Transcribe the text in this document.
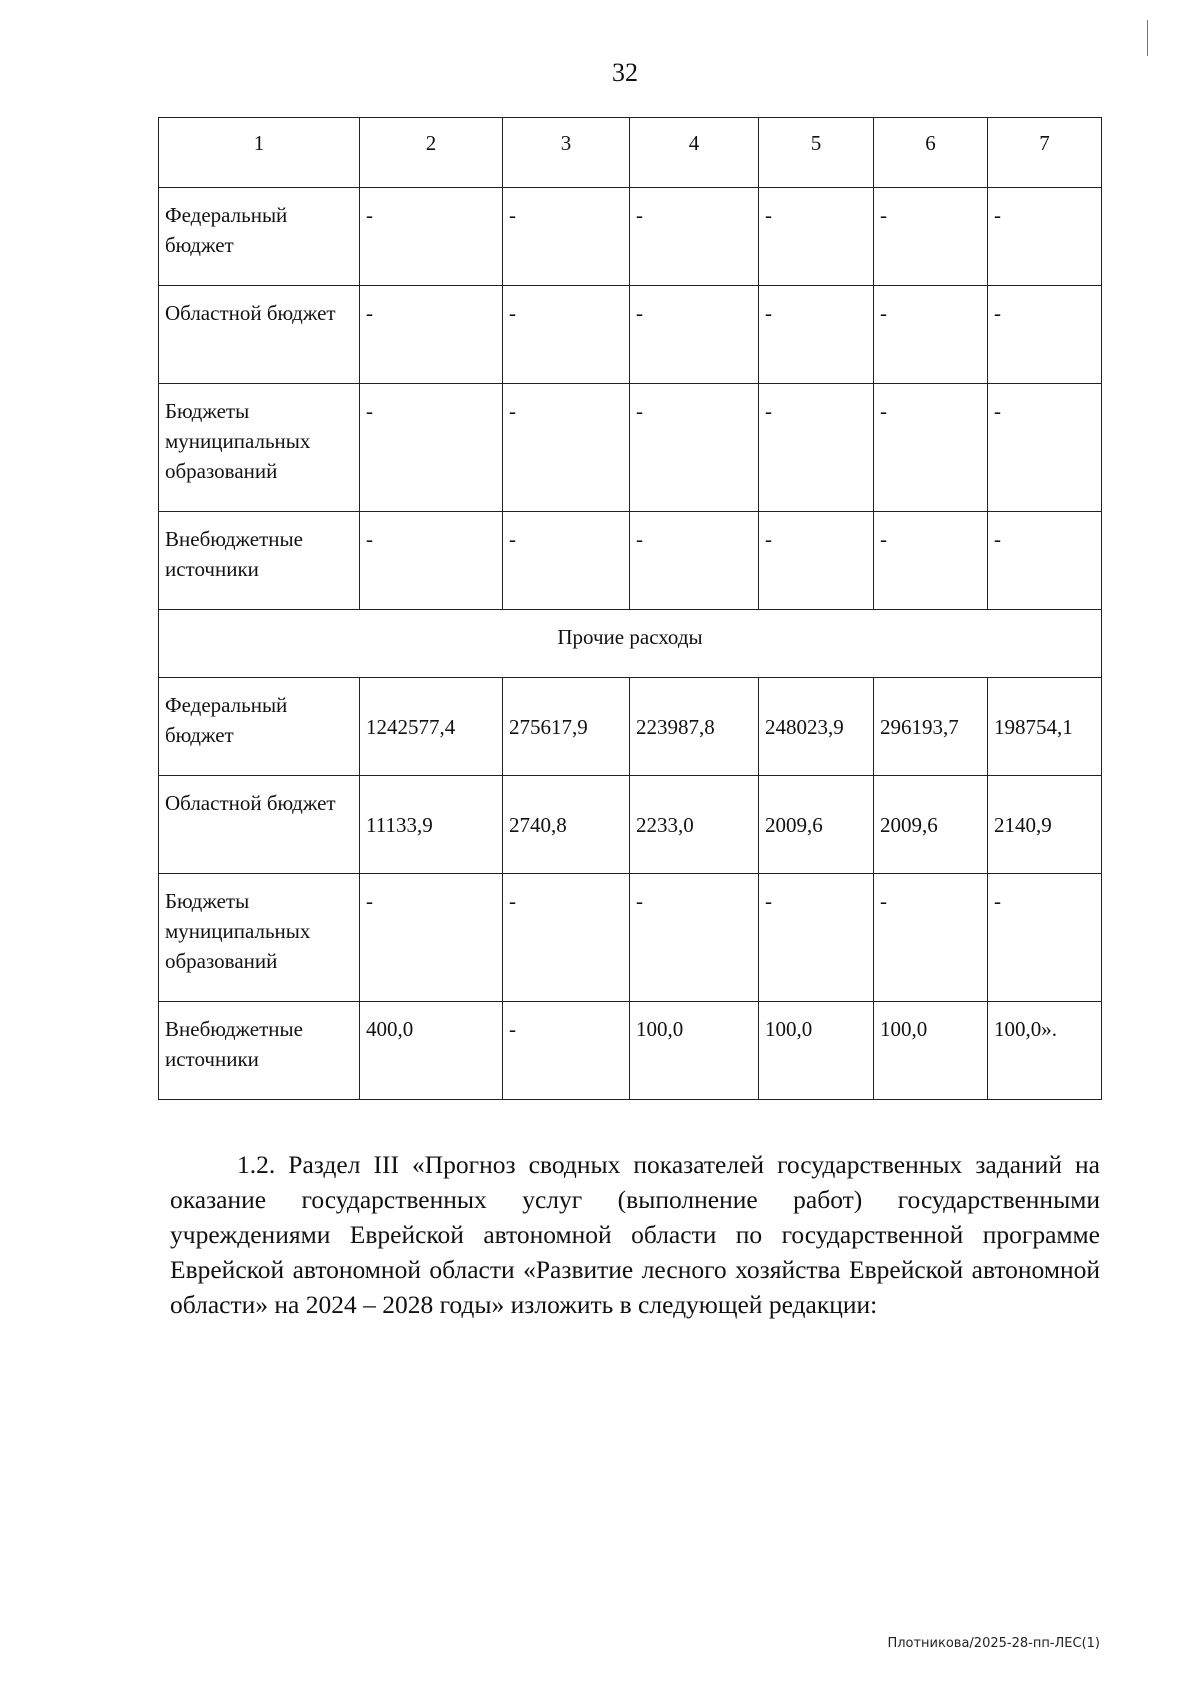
32
1	2	3	4	5	6	7
Федеральный бюджет	-	-	-	-	-	-
Областной бюджет	-	-	-	-	-	-
Бюджеты муниципальных образований	-	-	-	-	-	-
Внебюджетные источники	-	-	-	-	-	-
Прочие расходы						
Федеральный бюджет	1242577,4	275617,9	223987,8	248023,9	296193,7	198754,1
Областной бюджет	11133,9	2740,8	2233,0	2009,6	2009,6	2140,9
Бюджеты муниципальных образований	-	-	-	-	-	-
Внебюджетные источники	400,0	-	100,0	100,0	100,0	100,0».

1.2. Раздел III «Прогноз сводных показателей государственных заданий на оказание государственных услуг (выполнение работ) государственными учреждениями Еврейской автономной области по государственной программе Еврейской автономной области «Развитие лесного хозяйства Еврейской автономной области» на 2024 – 2028 годы» изложить в следующей редакции:

Плотникова/2025-28-пп-ЛЕС(1)
